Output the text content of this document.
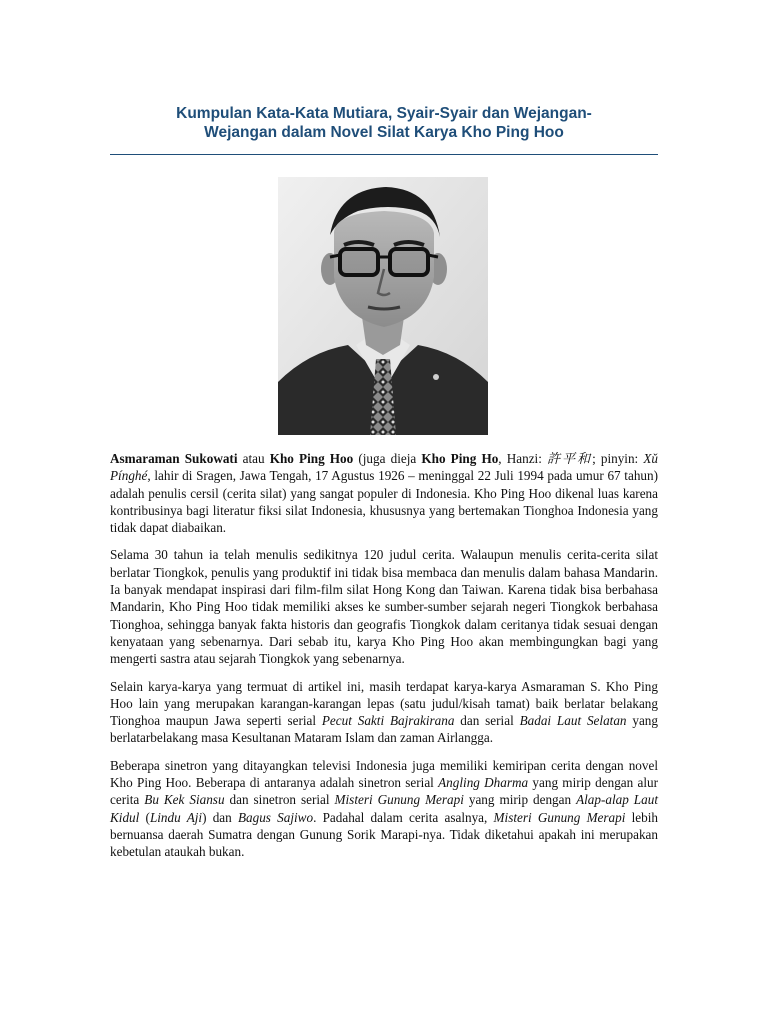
Kumpulan Kata-Kata Mutiara, Syair-Syair dan Wejangan-
Wejangan dalam Novel Silat Karya Kho Ping Hoo

Asmaraman Sukowati atau Kho Ping Hoo (juga dieja Kho Ping Ho, Hanzi: 許平和; pinyin: Xǔ Pínghé, lahir di Sragen, Jawa Tengah, 17 Agustus 1926 – meninggal 22 Juli 1994 pada umur 67 tahun) adalah penulis cersil (cerita silat) yang sangat populer di Indonesia. Kho Ping Hoo dikenal luas karena kontribusinya bagi literatur fiksi silat Indonesia, khususnya yang bertemakan Tionghoa Indonesia yang tidak dapat diabaikan.

Selama 30 tahun ia telah menulis sedikitnya 120 judul cerita. Walaupun menulis cerita-cerita silat berlatar Tiongkok, penulis yang produktif ini tidak bisa membaca dan menulis dalam bahasa Mandarin. Ia banyak mendapat inspirasi dari film-film silat Hong Kong dan Taiwan. Karena tidak bisa berbahasa Mandarin, Kho Ping Hoo tidak memiliki akses ke sumber-sumber sejarah negeri Tiongkok berbahasa Tionghoa, sehingga banyak fakta historis dan geografis Tiongkok dalam ceritanya tidak sesuai dengan kenyataan yang sebenarnya. Dari sebab itu, karya Kho Ping Hoo akan membingungkan bagi yang mengerti sastra atau sejarah Tiongkok yang sebenarnya.

Selain karya-karya yang termuat di artikel ini, masih terdapat karya-karya Asmaraman S. Kho Ping Hoo lain yang merupakan karangan-karangan lepas (satu judul/kisah tamat) baik berlatar belakang Tionghoa maupun Jawa seperti serial Pecut Sakti Bajrakirana dan serial Badai Laut Selatan yang berlatarbelakang masa Kesultanan Mataram Islam dan zaman Airlangga.

Beberapa sinetron yang ditayangkan televisi Indonesia juga memiliki kemiripan cerita dengan novel Kho Ping Hoo. Beberapa di antaranya adalah sinetron serial Angling Dharma yang mirip dengan alur cerita Bu Kek Siansu dan sinetron serial Misteri Gunung Merapi yang mirip dengan Alap-alap Laut Kidul (Lindu Aji) dan Bagus Sajiwo. Padahal dalam cerita asalnya, Misteri Gunung Merapi lebih bernuansa daerah Sumatra dengan Gunung Sorik Marapi-nya. Tidak diketahui apakah ini merupakan kebetulan ataukah bukan.
